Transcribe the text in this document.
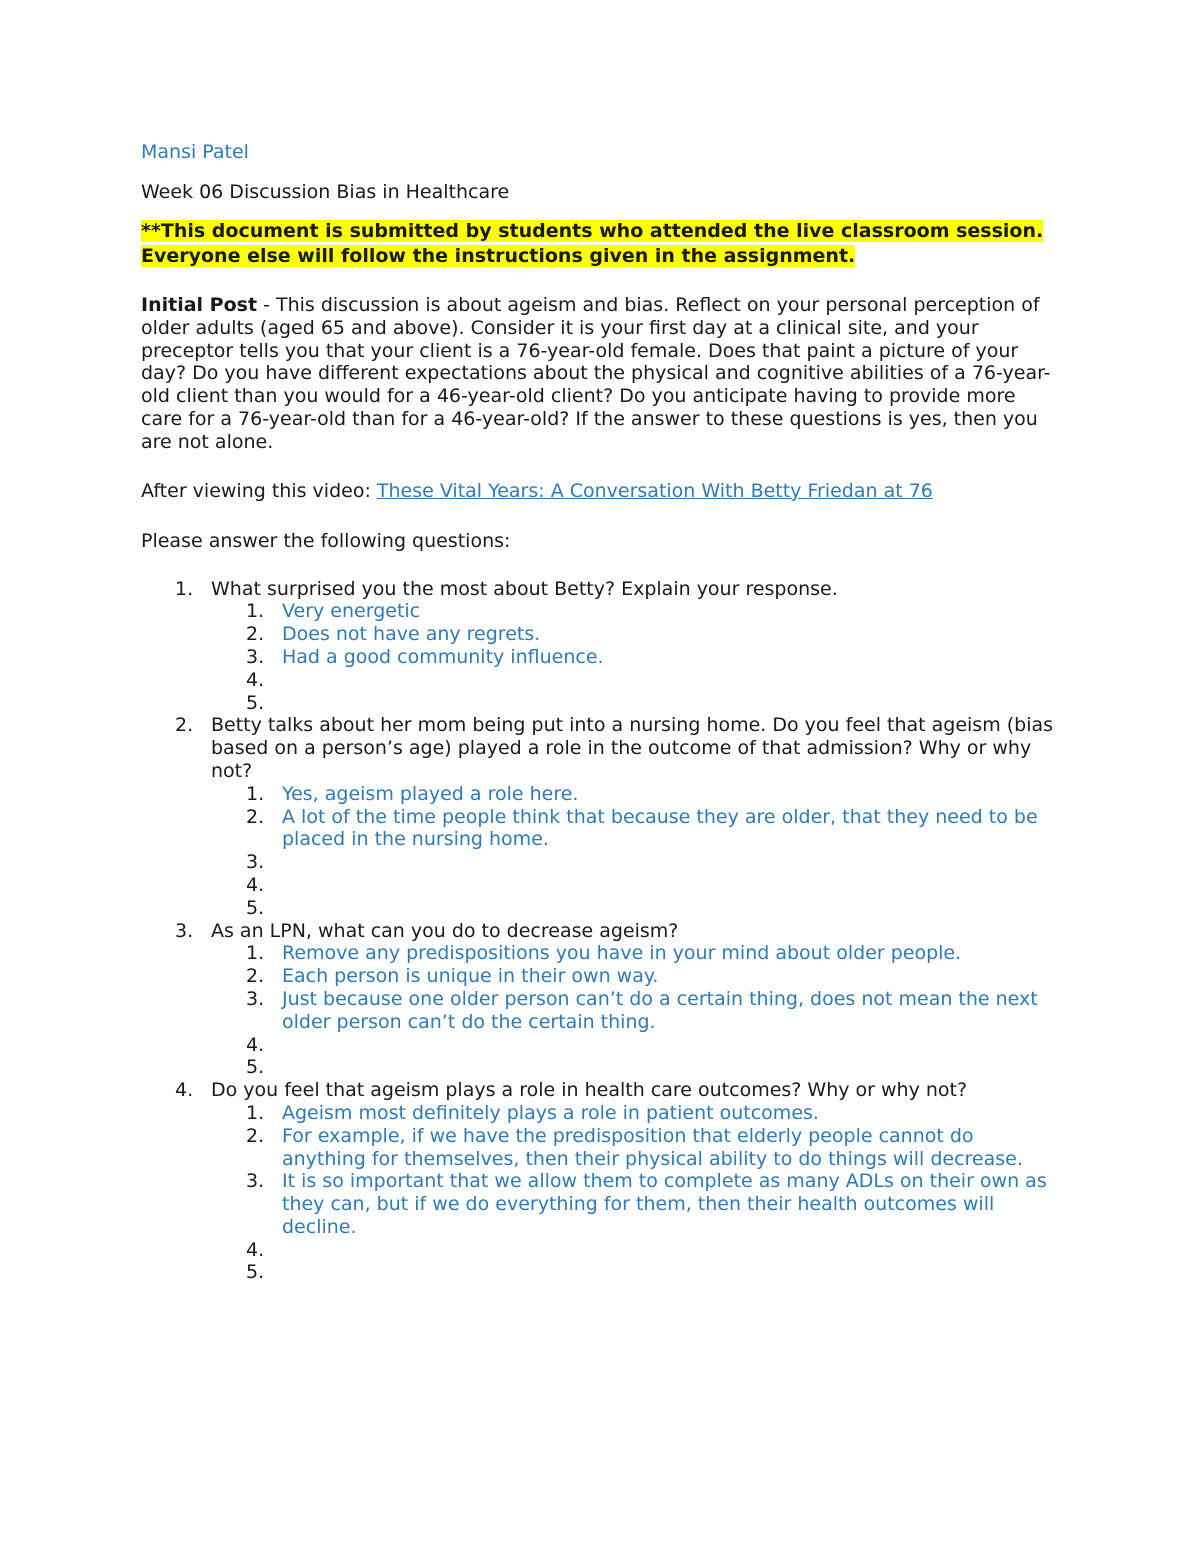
Mansi Patel

Week 06 Discussion Bias in Healthcare

**This document is submitted by students who attended the live classroom session. Everyone else will follow the instructions given in the assignment.

Initial Post - This discussion is about ageism and bias. Reflect on your personal perception of older adults (aged 65 and above). Consider it is your first day at a clinical site, and your preceptor tells you that your client is a 76-year-old female. Does that paint a picture of your day? Do you have different expectations about the physical and cognitive abilities of a 76-year-old client than you would for a 46-year-old client? Do you anticipate having to provide more care for a 76-year-old than for a 46-year-old? If the answer to these questions is yes, then you are not alone.

After viewing this video: These Vital Years: A Conversation With Betty Friedan at 76

Please answer the following questions:

1. What surprised you the most about Betty? Explain your response.
1. Very energetic
2. Does not have any regrets.
3. Had a good community influence.
4.
5.
2. Betty talks about her mom being put into a nursing home. Do you feel that ageism (bias based on a person’s age) played a role in the outcome of that admission? Why or why not?
1. Yes, ageism played a role here.
2. A lot of the time people think that because they are older, that they need to be placed in the nursing home.
3.
4.
5.
3. As an LPN, what can you do to decrease ageism?
1. Remove any predispositions you have in your mind about older people.
2. Each person is unique in their own way.
3. Just because one older person can’t do a certain thing, does not mean the next older person can’t do the certain thing.
4.
5.
4. Do you feel that ageism plays a role in health care outcomes? Why or why not?
1. Ageism most definitely plays a role in patient outcomes.
2. For example, if we have the predisposition that elderly people cannot do anything for themselves, then their physical ability to do things will decrease.
3. It is so important that we allow them to complete as many ADLs on their own as they can, but if we do everything for them, then their health outcomes will decline.
4.
5.
